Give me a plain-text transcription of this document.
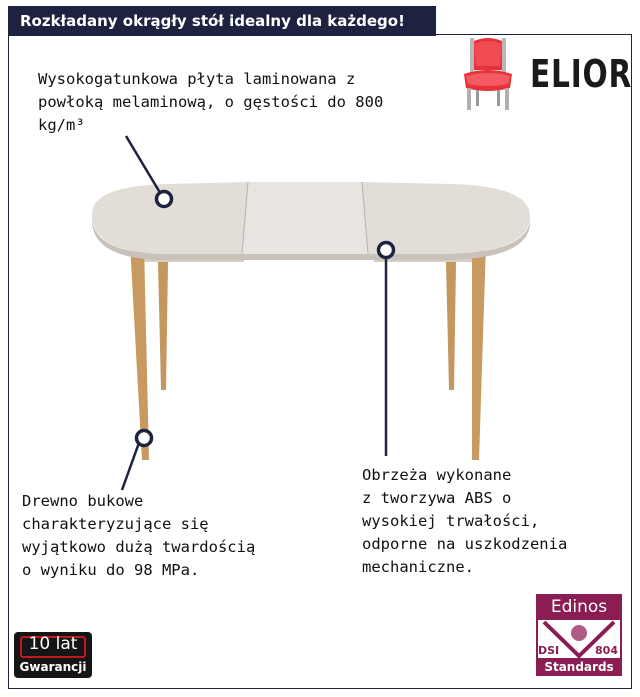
Rozkładany okrągły stół idealny dla każdego!
ELIOR
Wysokogatunkowa płyta laminowana z
powłoką melaminową, o gęstości do 800
kg/m³
Drewno bukowe
charakteryzujące się
wyjątkowo dużą twardością
o wyniku do 98 MPa.
Obrzeża wykonane
z tworzywa ABS o
wysokiej trwałości,
odporne na uszkodzenia
mechaniczne.
10 lat
Gwarancji
Edinos
DSI	804
Standards
